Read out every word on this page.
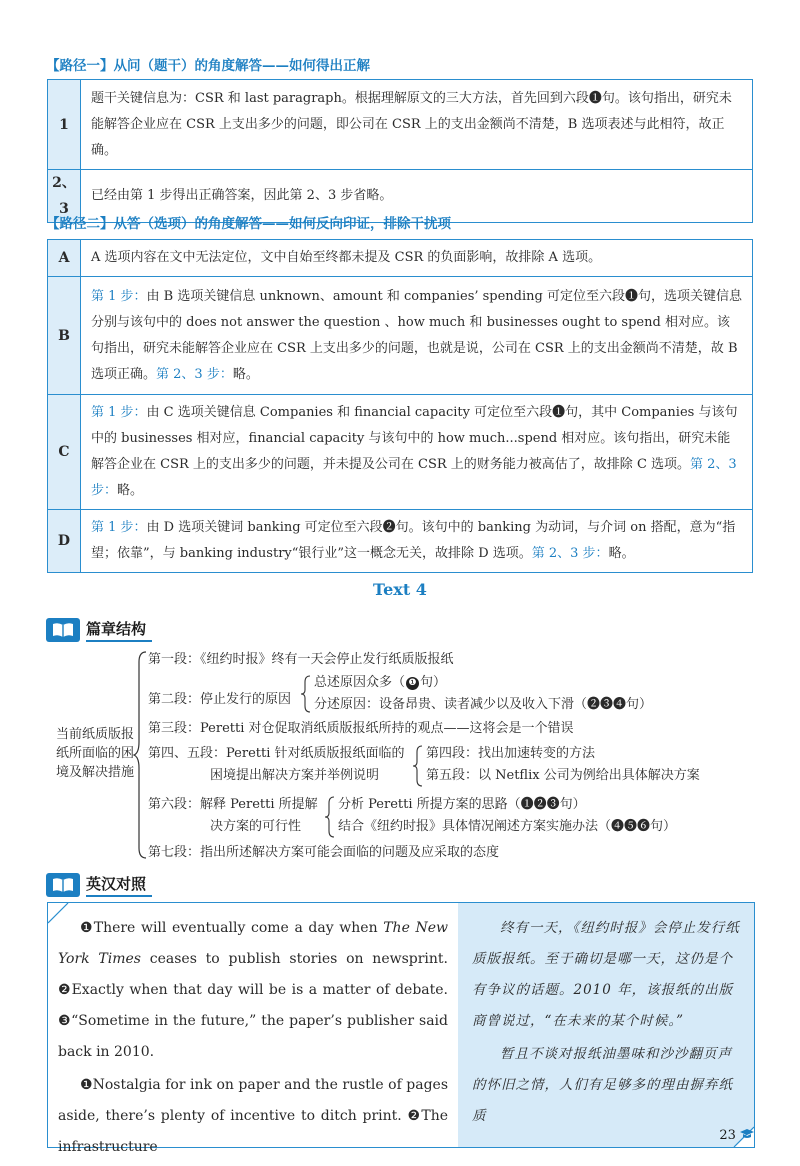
【路径一】从问（题干）的角度解答——如何得出正解
1	题干关键信息为：CSR 和 last paragraph。根据理解原文的三大方法，首先回到六段❶句。该句指出，研究未能解答企业应在 CSR 上支出多少的问题，即公司在 CSR 上的支出金额尚不清楚，B 选项表述与此相符，故正确。
2、3	已经由第 1 步得出正确答案，因此第 2、3 步省略。
【路径二】从答（选项）的角度解答——如何反向印证，排除干扰项
A	A 选项内容在文中无法定位，文中自始至终都未提及 CSR 的负面影响，故排除 A 选项。
B	第 1 步：由 B 选项关键信息 unknown、amount 和 companies’ spending 可定位至六段❶句，选项关键信息分别与该句中的 does not answer the question 、how much 和 businesses ought to spend 相对应。该句指出，研究未能解答企业应在 CSR 上支出多少的问题，也就是说，公司在 CSR 上的支出金额尚不清楚，故 B 选项正确。第 2、3 步：略。
C	第 1 步：由 C 选项关键信息 Companies 和 financial capacity 可定位至六段❶句，其中 Companies 与该句中的 businesses 相对应，financial capacity 与该句中的 how much...spend 相对应。该句指出，研究未能解答企业在 CSR 上的支出多少的问题，并未提及公司在 CSR 上的财务能力被高估了，故排除 C 选项。第 2、3 步：略。
D	第 1 步：由 D 选项关键词 banking 可定位至六段❷句。该句中的 banking 为动词，与介词 on 搭配，意为“指望；依靠”，与 banking industry“银行业”这一概念无关，故排除 D 选项。第 2、3 步：略。
Text 4
篇章结构
当前纸质版报纸所面临的困境及解决措施
第一段：《纽约时报》终有一天会停止发行纸质版报纸
第二段：停止发行的原因
总述原因众多（ ❶ 句）
分述原因：设备昂贵、读者减少以及收入下滑（❷❸❹句）
第三段：Peretti 对仓促取消纸质版报纸所持的观点——这将会是一个错误
第四、五段：Peretti 针对纸质版报纸面临的
困境提出解决方案并举例说明
第四段：找出加速转变的方法
第五段：以 Netflix 公司为例给出具体解决方案
第六段：解释 Peretti 所提解
决方案的可行性
分析 Peretti 所提方案的思路（❶❷❸句）
结合《纽约时报》具体情况阐述方案实施办法（❹❺❻句）
第七段：指出所述解决方案可能会面临的问题及应采取的态度
英汉对照

❶There will eventually come a day when The New York Times ceases to publish stories on newsprint. ❷Exactly when that day will be is a matter of debate. ❸“Sometime in the future,” the paper’s publisher said back in 2010.

❶Nostalgia for ink on paper and the rustle of pages aside, there’s plenty of incentive to ditch print. ❷The infrastructure

终有一天，《纽约时报》会停止发行纸质版报纸。至于确切是哪一天，这仍是个有争议的话题。2010 年，该报纸的出版商曾说过，“在未来的某个时候。”

暂且不谈对报纸油墨味和沙沙翻页声的怀旧之情，人们有足够多的理由摒弃纸质

23
